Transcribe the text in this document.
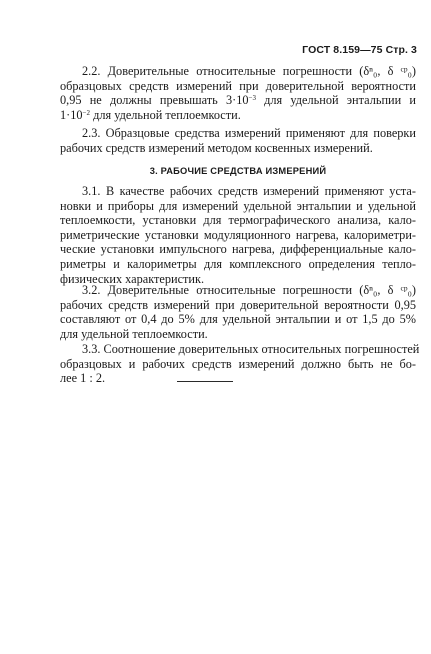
ГОСТ 8.159—75 Стр. 3
2.2. Доверительные относительные погрешности (δⁿ₀, δ ᶜᵖ₀)
образцовых средств измерений при доверительной вероятности
0,95 не должны превышать $3\cdot 10^{-3}$ для удельной энтальпии и
$1\cdot 10^{-2}$ для удельной теплоемкости.
2.3. Образцовые средства измерений применяют для поверки
рабочих средств измерений методом косвенных измерений.
3. РАБОЧИЕ СРЕДСТВА ИЗМЕРЕНИЙ
3.1. В качестве рабочих средств измерений применяют уста-
новки и приборы для измерений удельной энтальпии и удельной
теплоемкости, установки для термографического анализа, кало-
риметрические установки модуляционного нагрева, калориметри-
ческие установки импульсного нагрева, дифференциальные кало-
риметры и калориметры для комплексного определения тепло-
физических характеристик.
3.2. Доверительные относительные погрешности (δⁿ₀, δ ᶜᵖ₀)
рабочих средств измерений при доверительной вероятности 0,95
составляют от 0,4 до 5% для удельной энтальпии и от 1,5 до 5%
для удельной теплоемкости.
3.3. Соотношение доверительных относительных погрешностей
образцовых и рабочих средств измерений должно быть не бо-
лее 1 : 2.
